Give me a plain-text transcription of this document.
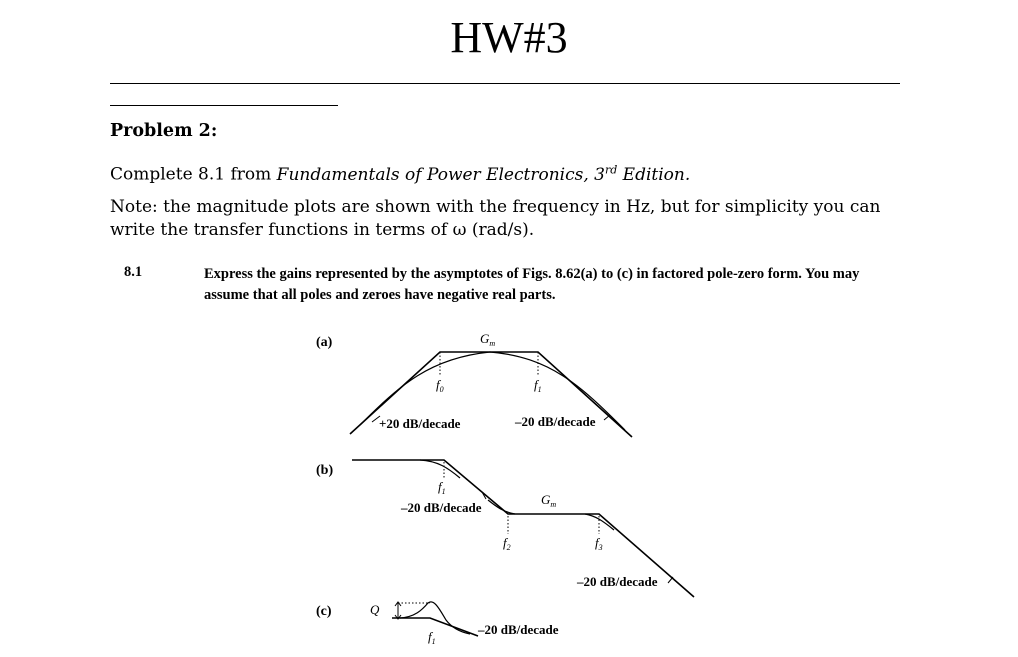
HW#3
Problem 2:

Complete 8.1 from Fundamentals of Power Electronics, 3rd Edition.

Note: the magnitude plots are shown with the frequency in Hz, but for simplicity you can write the transfer functions in terms of ω (rad/s).

8.1	Express the gains represented by the asymptotes of Figs. 8.62(a) to (c) in factored pole-zero form. You may assume that all poles and zeroes have negative real parts.

(a)	$G_m$
$f_0$	$f_1$
+20 dB/decade	–20 dB/decade
(b)
$f_1$
–20 dB/decade
$G_m$
$f_2$	$f_3$
–20 dB/decade
(c)	Q
$f_1$
–20 dB/decade
